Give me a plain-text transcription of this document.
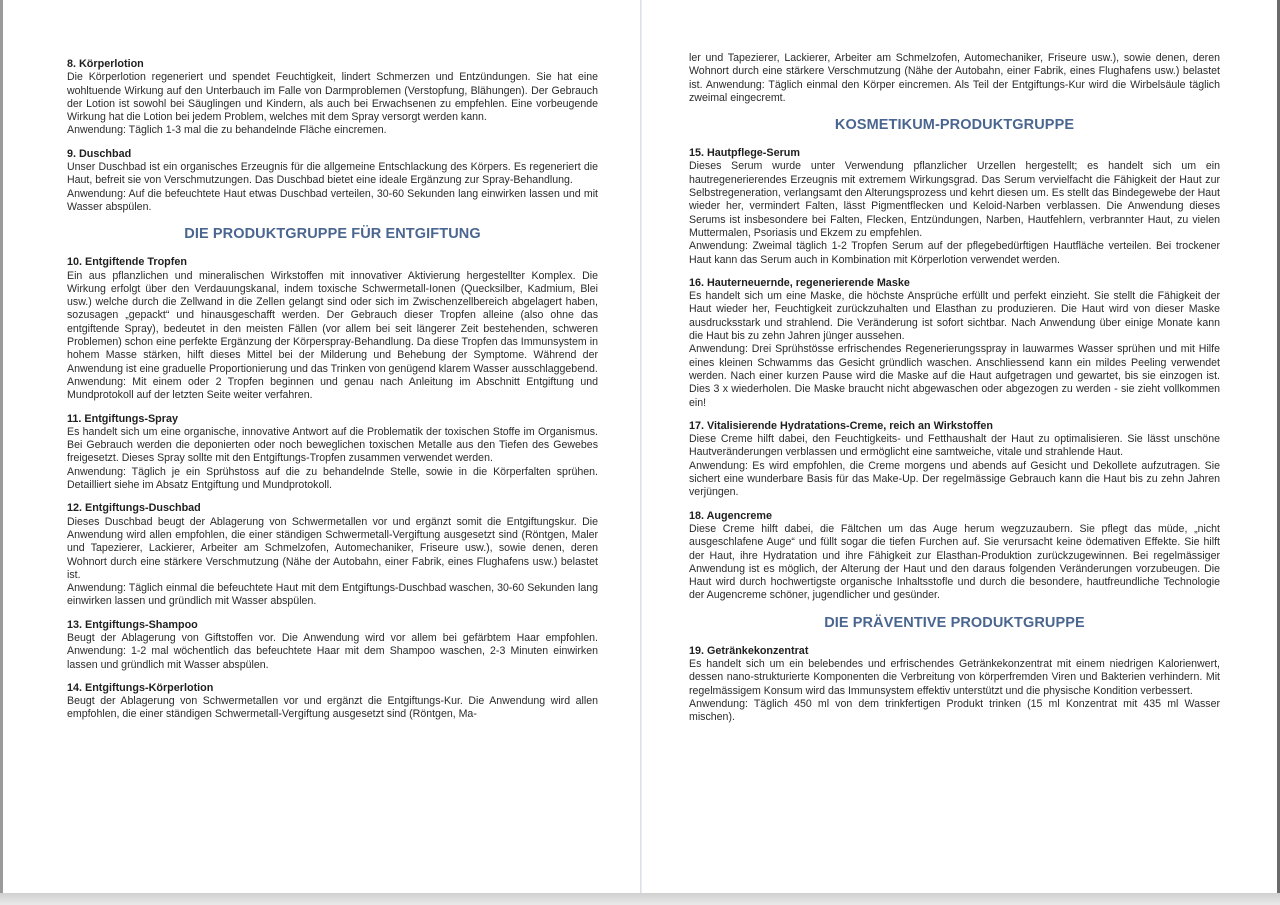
8. Körperlotion

Die Körperlotion regeneriert und spendet Feuchtigkeit, lindert Schmerzen und Entzündungen. Sie hat eine wohltuende Wirkung auf den Unterbauch im Falle von Darmproblemen (Verstopfung, Blähungen). Der Gebrauch der Lotion ist sowohl bei Säuglingen und Kindern, als auch bei Erwachsenen zu empfehlen. Eine vorbeugende Wirkung hat die Lotion bei jedem Problem, welches mit dem Spray versorgt werden kann.

Anwendung: Täglich 1-3 mal die zu behandelnde Fläche eincremen.

9. Duschbad

Unser Duschbad ist ein organisches Erzeugnis für die allgemeine Entschlackung des Körpers. Es regeneriert die Haut, befreit sie von Verschmutzungen. Das Duschbad bietet eine ideale Ergänzung zur Spray-Behandlung.

Anwendung: Auf die befeuchtete Haut etwas Duschbad verteilen, 30-60 Sekunden lang einwirken lassen und mit Wasser abspülen.

DIE PRODUKTGRUPPE FÜR ENTGIFTUNG
10. Entgiftende Tropfen

Ein aus pflanzlichen und mineralischen Wirkstoffen mit innovativer Aktivierung hergestellter Komplex. Die Wirkung erfolgt über den Verdauungskanal, indem toxische Schwermetall-Ionen (Quecksilber, Kadmium, Blei usw.) welche durch die Zellwand in die Zellen gelangt sind oder sich im Zwischenzellbereich abgelagert haben, sozusagen „gepackt“ und hinausgeschafft werden. Der Gebrauch dieser Tropfen alleine (also ohne das entgiftende Spray), bedeutet in den meisten Fällen (vor allem bei seit längerer Zeit bestehenden, schweren Problemen) schon eine perfekte Ergänzung der Körperspray-Behandlung. Da diese Tropfen das Immunsystem in hohem Masse stärken, hilft dieses Mittel bei der Milderung und Behebung der Symptome. Während der Anwendung ist eine graduelle Proportionierung und das Trinken von genügend klarem Wasser ausschlaggebend.

Anwendung: Mit einem oder 2 Tropfen beginnen und genau nach Anleitung im Abschnitt Entgiftung und Mundprotokoll auf der letzten Seite weiter verfahren.

11. Entgiftungs-Spray

Es handelt sich um eine organische, innovative Antwort auf die Problematik der toxischen Stoffe im Organismus. Bei Gebrauch werden die deponierten oder noch beweglichen toxischen Metalle aus den Tiefen des Gewebes freigesetzt. Dieses Spray sollte mit den Entgiftungs-Tropfen zusammen verwendet werden.

Anwendung: Täglich je ein Sprühstoss auf die zu behandelnde Stelle, sowie in die Körperfalten sprühen. Detailliert siehe im Absatz Entgiftung und Mundprotokoll.

12. Entgiftungs-Duschbad

Dieses Duschbad beugt der Ablagerung von Schwermetallen vor und ergänzt somit die Entgiftungskur. Die Anwendung wird allen empfohlen, die einer ständigen Schwermetall-Vergiftung ausgesetzt sind (Röntgen, Maler und Tapezierer, Lackierer, Arbeiter am Schmelzofen, Automechaniker, Friseure usw.), sowie denen, deren Wohnort durch eine stärkere Verschmutzung (Nähe der Autobahn, einer Fabrik, eines Flughafens usw.) belastet ist.

Anwendung: Täglich einmal die befeuchtete Haut mit dem Entgiftungs-Duschbad waschen, 30-60 Sekunden lang einwirken lassen und gründlich mit Wasser abspülen.

13. Entgiftungs-Shampoo

Beugt der Ablagerung von Giftstoffen vor. Die Anwendung wird vor allem bei gefärbtem Haar empfohlen. Anwendung: 1-2 mal wöchentlich das befeuchtete Haar mit dem Shampoo waschen, 2-3 Minuten einwirken lassen und gründlich mit Wasser abspülen.

14. Entgiftungs-Körperlotion

Beugt der Ablagerung von Schwermetallen vor und ergänzt die Entgiftungs-Kur. Die Anwendung wird allen empfohlen, die einer ständigen Schwermetall-Vergiftung ausgesetzt sind (Röntgen, Ma-

ler und Tapezierer, Lackierer, Arbeiter am Schmelzofen, Automechaniker, Friseure usw.), sowie denen, deren Wohnort durch eine stärkere Verschmutzung (Nähe der Autobahn, einer Fabrik, eines Flughafens usw.) belastet ist. Anwendung: Täglich einmal den Körper eincremen. Als Teil der Entgiftungs-Kur wird die Wirbelsäule täglich zweimal eingecremt.

KOSMETIKUM-PRODUKTGRUPPE
15. Hautpflege-Serum

Dieses Serum wurde unter Verwendung pflanzlicher Urzellen hergestellt; es handelt sich um ein hautregenerierendes Erzeugnis mit extremem Wirkungsgrad. Das Serum vervielfacht die Fähigkeit der Haut zur Selbstregeneration, verlangsamt den Alterungsprozess und kehrt diesen um. Es stellt das Bindegewebe der Haut wieder her, vermindert Falten, lässt Pigmentflecken und Keloid-Narben verblassen. Die Anwendung dieses Serums ist insbesondere bei Falten, Flecken, Entzündungen, Narben, Hautfehlern, verbrannter Haut, zu vielen Muttermalen, Psoriasis und Ekzem zu empfehlen.

Anwendung: Zweimal täglich 1-2 Tropfen Serum auf der pflegebedürftigen Hautfläche verteilen. Bei trockener Haut kann das Serum auch in Kombination mit Körperlotion verwendet werden.

16. Hauterneuernde, regenerierende Maske

Es handelt sich um eine Maske, die höchste Ansprüche erfüllt und perfekt einzieht. Sie stellt die Fähigkeit der Haut wieder her, Feuchtigkeit zurückzuhalten und Elasthan zu produzieren. Die Haut wird von dieser Maske ausdrucksstark und strahlend. Die Veränderung ist sofort sichtbar. Nach Anwendung über einige Monate kann die Haut bis zu zehn Jahren jünger aussehen.

Anwendung: Drei Sprühstösse erfrischendes Regenerierungsspray in lauwarmes Wasser sprühen und mit Hilfe eines kleinen Schwamms das Gesicht gründlich waschen. Anschliessend kann ein mildes Peeling verwendet werden. Nach einer kurzen Pause wird die Maske auf die Haut aufgetragen und gewartet, bis sie einzogen ist. Dies 3 x wiederholen. Die Maske braucht nicht abgewaschen oder abgezogen zu werden - sie zieht vollkommen ein!

17. Vitalisierende Hydratations-Creme, reich an Wirkstoffen

Diese Creme hilft dabei, den Feuchtigkeits- und Fetthaushalt der Haut zu optimalisieren. Sie lässt unschöne Hautveränderungen verblassen und ermöglicht eine samtweiche, vitale und strahlende Haut.

Anwendung: Es wird empfohlen, die Creme morgens und abends auf Gesicht und Dekollete aufzutragen. Sie sichert eine wunderbare Basis für das Make-Up. Der regelmässige Gebrauch kann die Haut bis zu zehn Jahren verjüngen.

18. Augencreme

Diese Creme hilft dabei, die Fältchen um das Auge herum wegzuzaubern. Sie pflegt das müde, „nicht ausgeschlafene Auge“ und füllt sogar die tiefen Furchen auf. Sie verursacht keine ödemativen Effekte. Sie hilft der Haut, ihre Hydratation und ihre Fähigkeit zur Elasthan-Produktion zurückzugewinnen. Bei regelmässiger Anwendung ist es möglich, der Alterung der Haut und den daraus folgenden Veränderungen vorzubeugen. Die Haut wird durch hochwertigste organische Inhaltsstofle und durch die besondere, hautfreundliche Technologie der Augencreme schöner, jugendlicher und gesünder.

DIE PRÄVENTIVE PRODUKTGRUPPE
19. Getränkekonzentrat

Es handelt sich um ein belebendes und erfrischendes Getränkekonzentrat mit einem niedrigen Kalorienwert, dessen nano-strukturierte Komponenten die Verbreitung von körperfremden Viren und Bakterien verhindern. Mit regelmässigem Konsum wird das Immunsystem effektiv unterstützt und die physische Kondition verbessert.

Anwendung: Täglich 450 ml von dem trinkfertigen Produkt trinken (15 ml Konzentrat mit 435 ml Wasser mischen).
